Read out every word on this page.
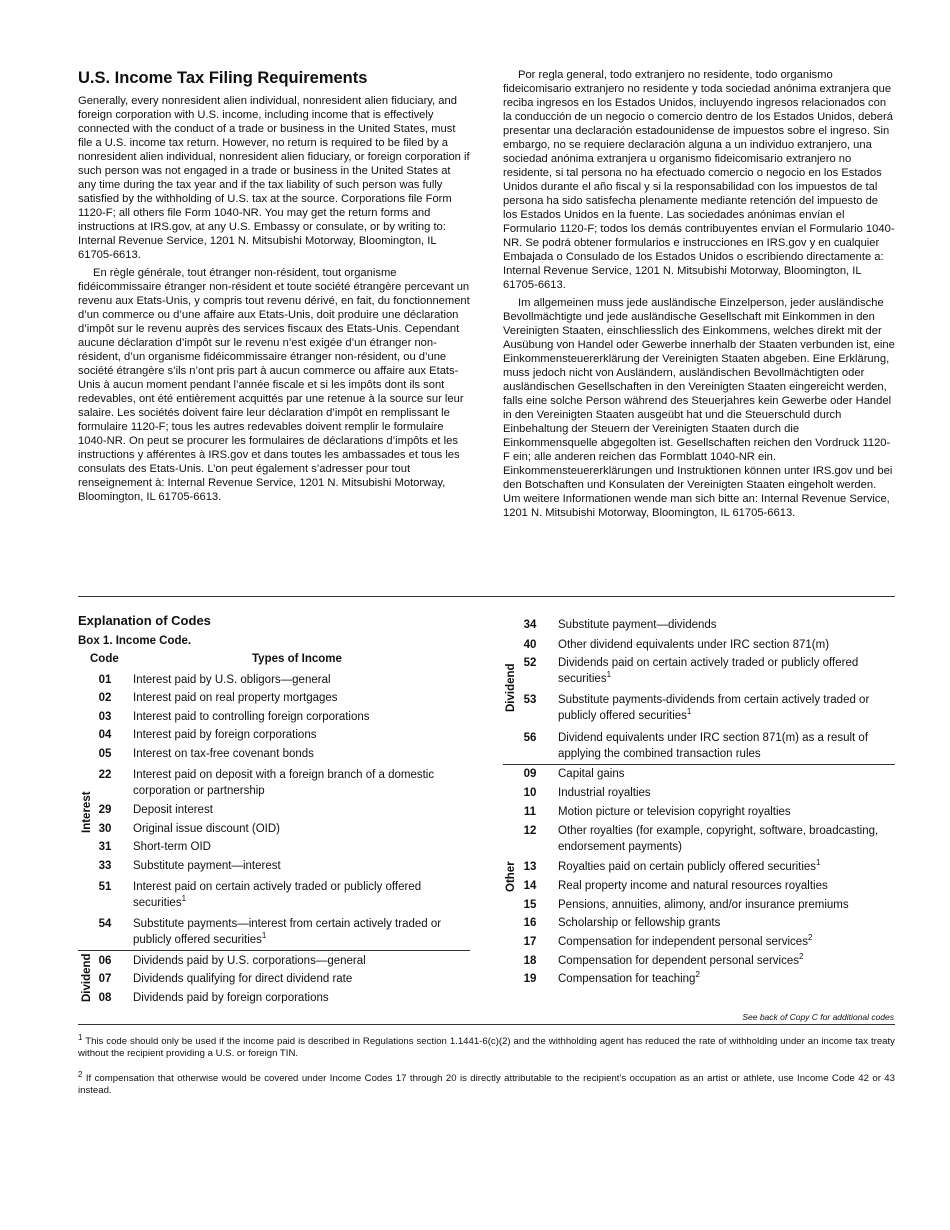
U.S. Income Tax Filing Requirements

Generally, every nonresident alien individual, nonresident alien fiduciary, and foreign corporation with U.S. income, including income that is effectively connected with the conduct of a trade or business in the United States, must file a U.S. income tax return. However, no return is required to be filed by a nonresident alien individual, nonresident alien fiduciary, or foreign corporation if such person was not engaged in a trade or business in the United States at any time during the tax year and if the tax liability of such person was fully satisfied by the withholding of U.S. tax at the source. Corporations file Form 1120-F; all others file Form 1040-NR. You may get the return forms and instructions at IRS.gov, at any U.S. Embassy or consulate, or by writing to: Internal Revenue Service, 1201 N. Mitsubishi Motorway, Bloomington, IL 61705-6613.

En règle générale, tout étranger non-résident, tout organisme fidéicommissaire étranger non-résident et toute société étrangère percevant un revenu aux Etats-Unis, y compris tout revenu dérivé, en fait, du fonctionnement d’un commerce ou d’une affaire aux Etats-Unis, doit produire une déclaration d’impôt sur le revenu auprès des services fiscaux des Etats-Unis. Cependant aucune déclaration d’impôt sur le revenu n’est exigée d’un étranger non-résident, d’un organisme fidéicommissaire étranger non-résident, ou d’une société étrangère s’ils n’ont pris part à aucun commerce ou affaire aux Etats-Unis à aucun moment pendant l’année fiscale et si les impôts dont ils sont redevables, ont été entièrement acquittés par une retenue à la source sur leur salaire. Les sociétés doivent faire leur déclaration d’impôt en remplissant le formulaire 1120-F; tous les autres redevables doivent remplir le formulaire 1040-NR. On peut se procurer les formulaires de déclarations d’impôts et les instructions y afférentes à IRS.gov et dans toutes les ambassades et tous les consulats des Etats-Unis. L’on peut également s’adresser pour tout renseignement à: Internal Revenue Service, 1201 N. Mitsubishi Motorway, Bloomington, IL 61705-6613.

Por regla general, todo extranjero no residente, todo organismo fideicomisario extranjero no residente y toda sociedad anónima extranjera que reciba ingresos en los Estados Unidos, incluyendo ingresos relacionados con la conducción de un negocio o comercio dentro de los Estados Unidos, deberá presentar una declaración estadounidense de impuestos sobre el ingreso. Sin embargo, no se requiere declaración alguna a un individuo extranjero, una sociedad anónima extranjera u organismo fideicomisario extranjero no residente, si tal persona no ha efectuado comercio o negocio en los Estados Unidos durante el año fiscal y si la responsabilidad con los impuestos de tal persona ha sido satisfecha plenamente mediante retención del impuesto de los Estados Unidos en la fuente. Las sociedades anónimas envían el Formulario 1120-F; todos los demás contribuyentes envían el Formulario 1040-NR. Se podrá obtener formularios e instrucciones en IRS.gov y en cualquier Embajada o Consulado de los Estados Unidos o escribiendo directamente a: Internal Revenue Service, 1201 N. Mitsubishi Motorway, Bloomington, IL 61705-6613.

Im allgemeinen muss jede ausländische Einzelperson, jeder ausländische Bevollmächtigte und jede ausländische Gesellschaft mit Einkommen in den Vereinigten Staaten, einschliesslich des Einkommens, welches direkt mit der Ausübung von Handel oder Gewerbe innerhalb der Staaten verbunden ist, eine Einkommensteuererklärung der Vereinigten Staaten abgeben. Eine Erklärung, muss jedoch nicht von Ausländern, ausländischen Bevollmächtigten oder ausländischen Gesellschaften in den Vereinigten Staaten eingereicht werden, falls eine solche Person während des Steuerjahres kein Gewerbe oder Handel in den Vereinigten Staaten ausgeübt hat und die Steuerschuld durch Einbehaltung der Steuern der Vereinigten Staaten durch die Einkommensquelle abgegolten ist. Gesellschaften reichen den Vordruck 1120-F ein; alle anderen reichen das Formblatt 1040-NR ein. Einkommensteuererklärungen und Instruktionen können unter IRS.gov und bei den Botschaften und Konsulaten der Vereinigten Staaten eingeholt werden. Um weitere Informationen wende man sich bitte an: Internal Revenue Service, 1201 N. Mitsubishi Motorway, Bloomington, IL 61705-6613.

Explanation of Codes
Box 1. Income Code.
Code	Types of Income
01	Interest paid by U.S. obligors—general
02	Interest paid on real property mortgages
03	Interest paid to controlling foreign corporations
04	Interest paid by foreign corporations
05	Interest on tax-free covenant bonds
22	Interest paid on deposit with a foreign branch of a domestic corporation or partnership
29	Deposit interest
30	Original issue discount (OID)
31	Short-term OID
33	Substitute payment—interest
51	Interest paid on certain actively traded or publicly offered securities$^1$
54	Substitute payments—interest from certain actively traded or publicly offered securities$^1$
06	Dividends paid by U.S. corporations—general
07	Dividends qualifying for direct dividend rate
08	Dividends paid by foreign corporations
34	Substitute payment—dividends
40	Other dividend equivalents under IRC section 871(m)
52	Dividends paid on certain actively traded or publicly offered securities$^1$
53	Substitute payments-dividends from certain actively traded or publicly offered securities$^1$
56	Dividend equivalents under IRC section 871(m) as a result of applying the combined transaction rules
09	Capital gains
10	Industrial royalties
11	Motion picture or television copyright royalties
12	Other royalties (for example, copyright, software, broadcasting, endorsement payments)
13	Royalties paid on certain publicly offered securities$^1$
14	Real property income and natural resources royalties
15	Pensions, annuities, alimony, and/or insurance premiums
16	Scholarship or fellowship grants
17	Compensation for independent personal services$^2$
18	Compensation for dependent personal services$^2$
19	Compensation for teaching$^2$
Interest
Dividend
Dividend
Other
See back of Copy C for additional codes
$^1$ This code should only be used if the income paid is described in Regulations section 1.1441-6(c)(2) and the withholding agent has reduced the rate of withholding under an income tax treaty without the recipient providing a U.S. or foreign TIN.
$^2$ If compensation that otherwise would be covered under Income Codes 17 through 20 is directly attributable to the recipient’s occupation as an artist or athlete, use Income Code 42 or 43 instead.
